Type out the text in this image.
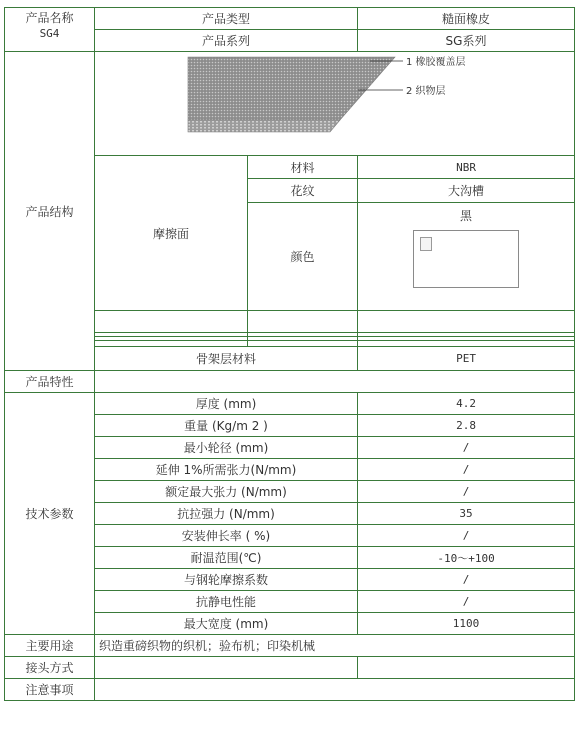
产品名称
SG4	产品类型		糙面橡皮
	产品系列		SG系列
产品结构	1 橡胶覆盖层
2 织物层		

	摩擦面	材料	NBR
		花纹	大沟槽
		颜色	黑

	骨架层材料		PET
产品特性			
技术参数	厚度 (mm)		4.2
	重量 (Kg/m 2 )		2.8
	最小轮径 (mm)		/
	延伸 1%所需张力(N/mm)		/
	额定最大张力 (N/mm)		/
	抗拉强力 (N/mm)		35
	安装伸长率 ( %)		/
	耐温范围(℃)		-10～+100
	与钢轮摩擦系数		/
	抗静电性能		/
	最大宽度 (mm)		1100
主要用途	织造重磅织物的织机；验布机；印染机械		
接头方式			
注意事项			
